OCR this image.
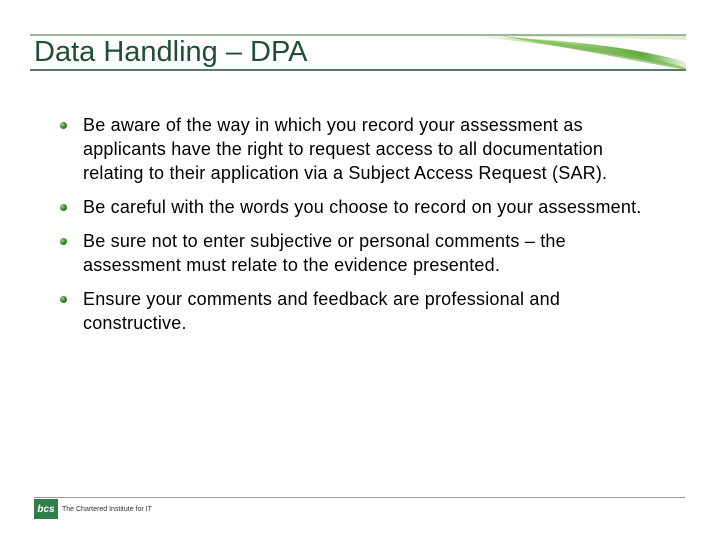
Data Handling – DPA
Be aware of the way in which you record your assessment as applicants have the right to request access to all documentation relating to their application via a Subject Access Request (SAR).
Be careful with the words you choose to record on your assessment.
Be sure not to enter subjective or personal comments – the assessment must relate to the evidence presented.
Ensure your comments and feedback are professional and constructive.
bcs	The Chartered Institute for IT
